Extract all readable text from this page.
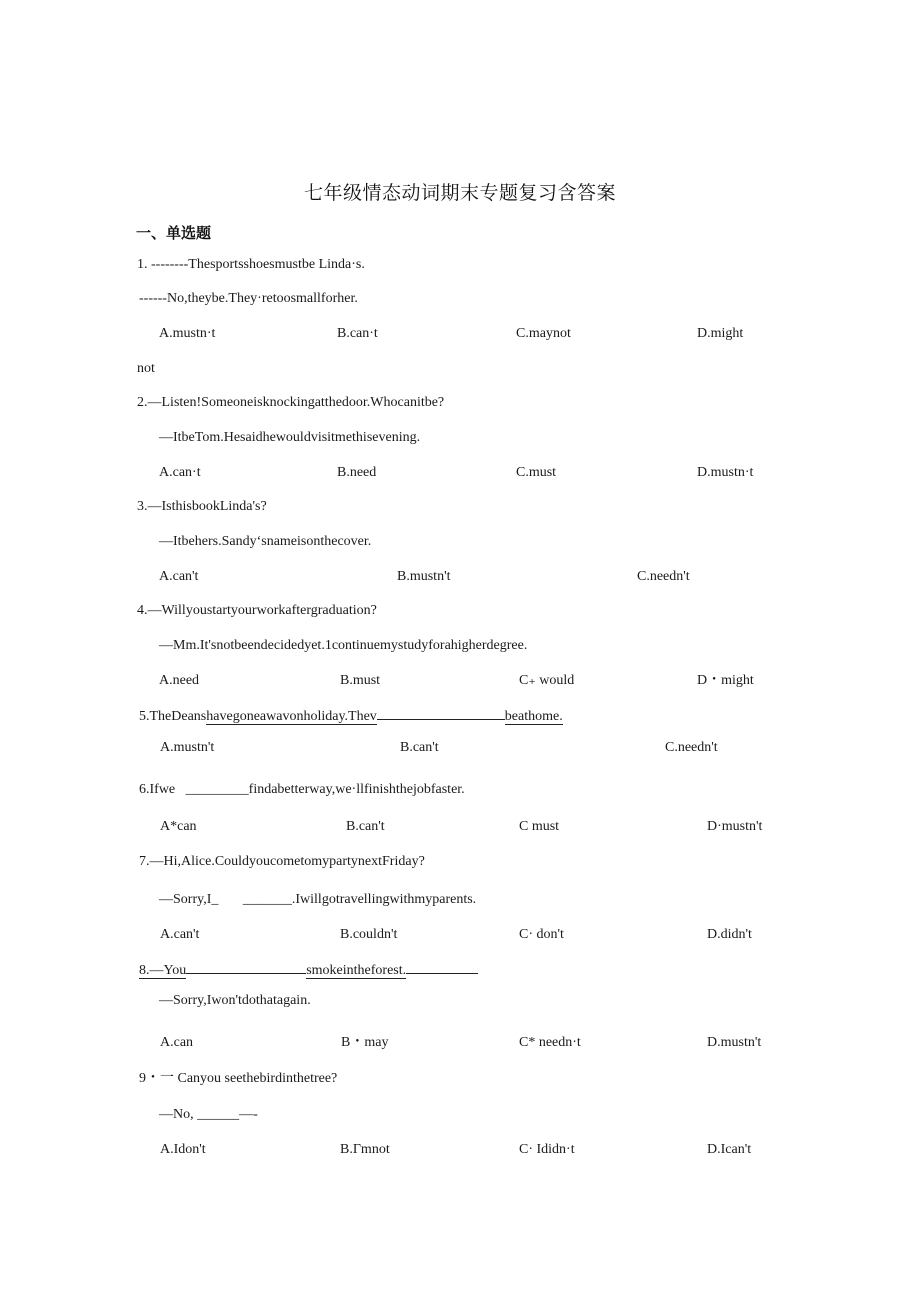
七年级情态动词期末专题复习含答案
一、单选题
1. --------Thesportsshoesmustbe Linda·s.
------No,theybe.They·retoosmallforher.
A.mustn·t	B.can·t	C.maynot	D.might
not
2.—Listen!Someoneisknockingatthedoor.Whocanitbe?
—ItbeTom.Hesaidhewouldvisitmethisevening.
A.can·t	B.need	C.must	D.mustn·t
3.—IsthisbookLinda's?
—Itbehers.Sandy‘snameisonthecover.
A.can't	B.mustn't	C.needn't
4.—Willyoustartyourworkaftergraduation?
—Mm.It'snotbeendecidedyet.1continuemystudyforahigherdegree.
A.need	B.must	C₊ would	D・might
5.TheDeanshavegoneawavonholiday.Thev	beathome.
A.mustn't	B.can't	C.needn't
6.Ifwe _________findabetterway,we·llfinishthejobfaster.
A*can	B.can't	C must	D·mustn't
7.—Hi,Alice.CouldyoucometomypartynextFriday?
—Sorry,I_ _______.Iwillgotravellingwithmyparents.
A.can't	B.couldn't	C· don't	D.didn't
8.—You	smokeintheforest.
—Sorry,Iwon'tdothatagain.
A.can	B・may	C* needn·t	D.mustn't
9・一 Canyou seethebirdinthetree?
—No, ______—-
A.Idon't	B.Γmnot	C· Ididn·t	D.Ican't
